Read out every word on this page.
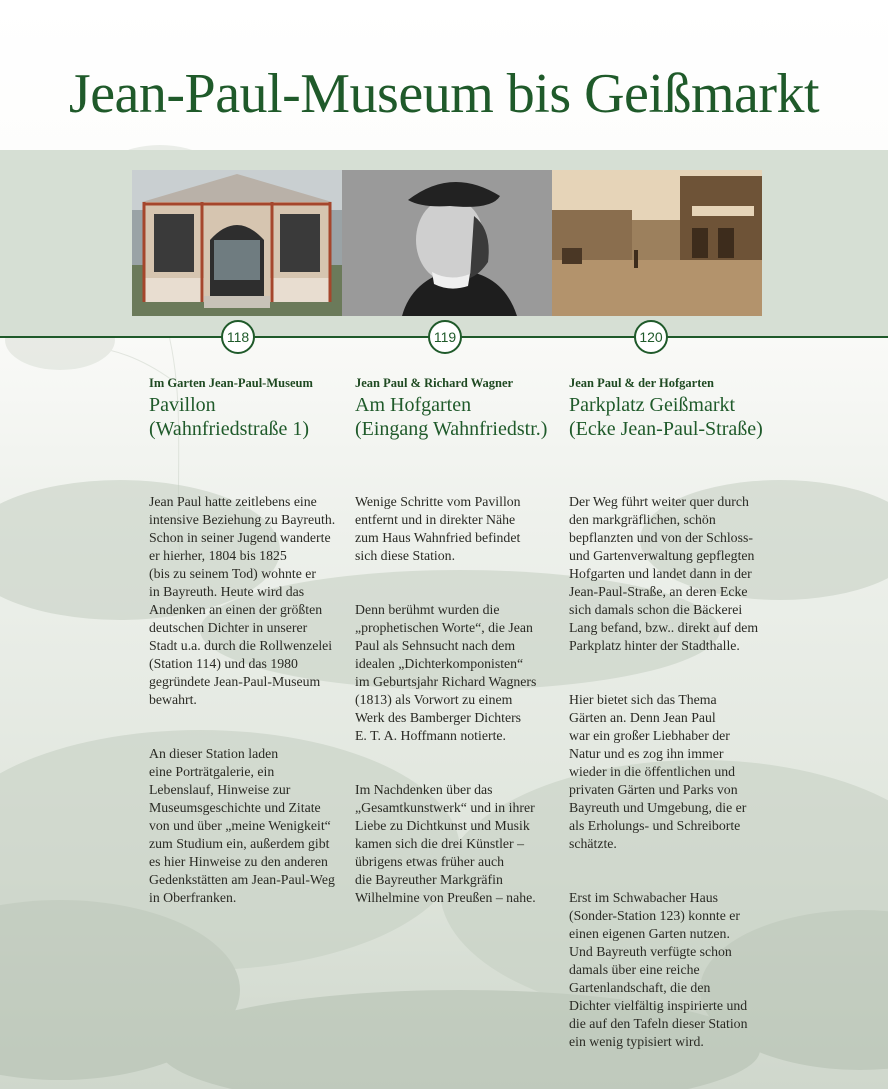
Jean-Paul-Museum bis Geißmarkt
118	119	120
Im Garten Jean-Paul-Museum
Pavillon
(Wahnfriedstraße 1)

Jean Paul hatte zeitlebens eine
intensive Beziehung zu Bayreuth.
Schon in seiner Jugend wanderte
er hierher, 1804 bis 1825
(bis zu seinem Tod) wohnte er
in Bayreuth. Heute wird das
Andenken an einen der größten
deutschen Dichter in unserer
Stadt u.a. durch die Rollwenzelei
(Station 114) und das 1980
gegründete Jean-Paul-Museum
bewahrt.

An dieser Station laden
eine Porträtgalerie, ein
Lebenslauf, Hinweise zur
Museumsgeschichte und Zitate
von und über „meine Wenigkeit“
zum Studium ein, außerdem gibt
es hier Hinweise zu den anderen
Gedenkstätten am Jean-Paul-Weg
in Oberfranken.

Jean Paul & Richard Wagner
Am Hofgarten
(Eingang Wahnfriedstr.)

Wenige Schritte vom Pavillon
entfernt und in direkter Nähe
zum Haus Wahnfried befindet
sich diese Station.

Denn berühmt wurden die
„prophetischen Worte“, die Jean
Paul als Sehnsucht nach dem
idealen „Dichterkomponisten“
im Geburtsjahr Richard Wagners
(1813) als Vorwort zu einem
Werk des Bamberger Dichters
E. T. A. Hoffmann notierte.

Im Nachdenken über das
„Gesamtkunstwerk“ und in ihrer
Liebe zu Dichtkunst und Musik
kamen sich die drei Künstler –
übrigens etwas früher auch
die Bayreuther Markgräfin
Wilhelmine von Preußen – nahe.

Jean Paul & der Hofgarten
Parkplatz Geißmarkt
(Ecke Jean-Paul-Straße)

Der Weg führt weiter quer durch
den markgräflichen, schön
bepflanzten und von der Schloss-
und Gartenverwaltung gepflegten
Hofgarten und landet dann in der
Jean-Paul-Straße, an deren Ecke
sich damals schon die Bäckerei
Lang befand, bzw.. direkt auf dem
Parkplatz hinter der Stadthalle.

Hier bietet sich das Thema
Gärten an. Denn Jean Paul
war ein großer Liebhaber der
Natur und es zog ihn immer
wieder in die öffentlichen und
privaten Gärten und Parks von
Bayreuth und Umgebung, die er
als Erholungs- und Schreiborte
schätzte.

Erst im Schwabacher Haus
(Sonder-Station 123) konnte er
einen eigenen Garten nutzen.
Und Bayreuth verfügte schon
damals über eine reiche
Gartenlandschaft, die den
Dichter vielfältig inspirierte und
die auf den Tafeln dieser Station
ein wenig typisiert wird.
